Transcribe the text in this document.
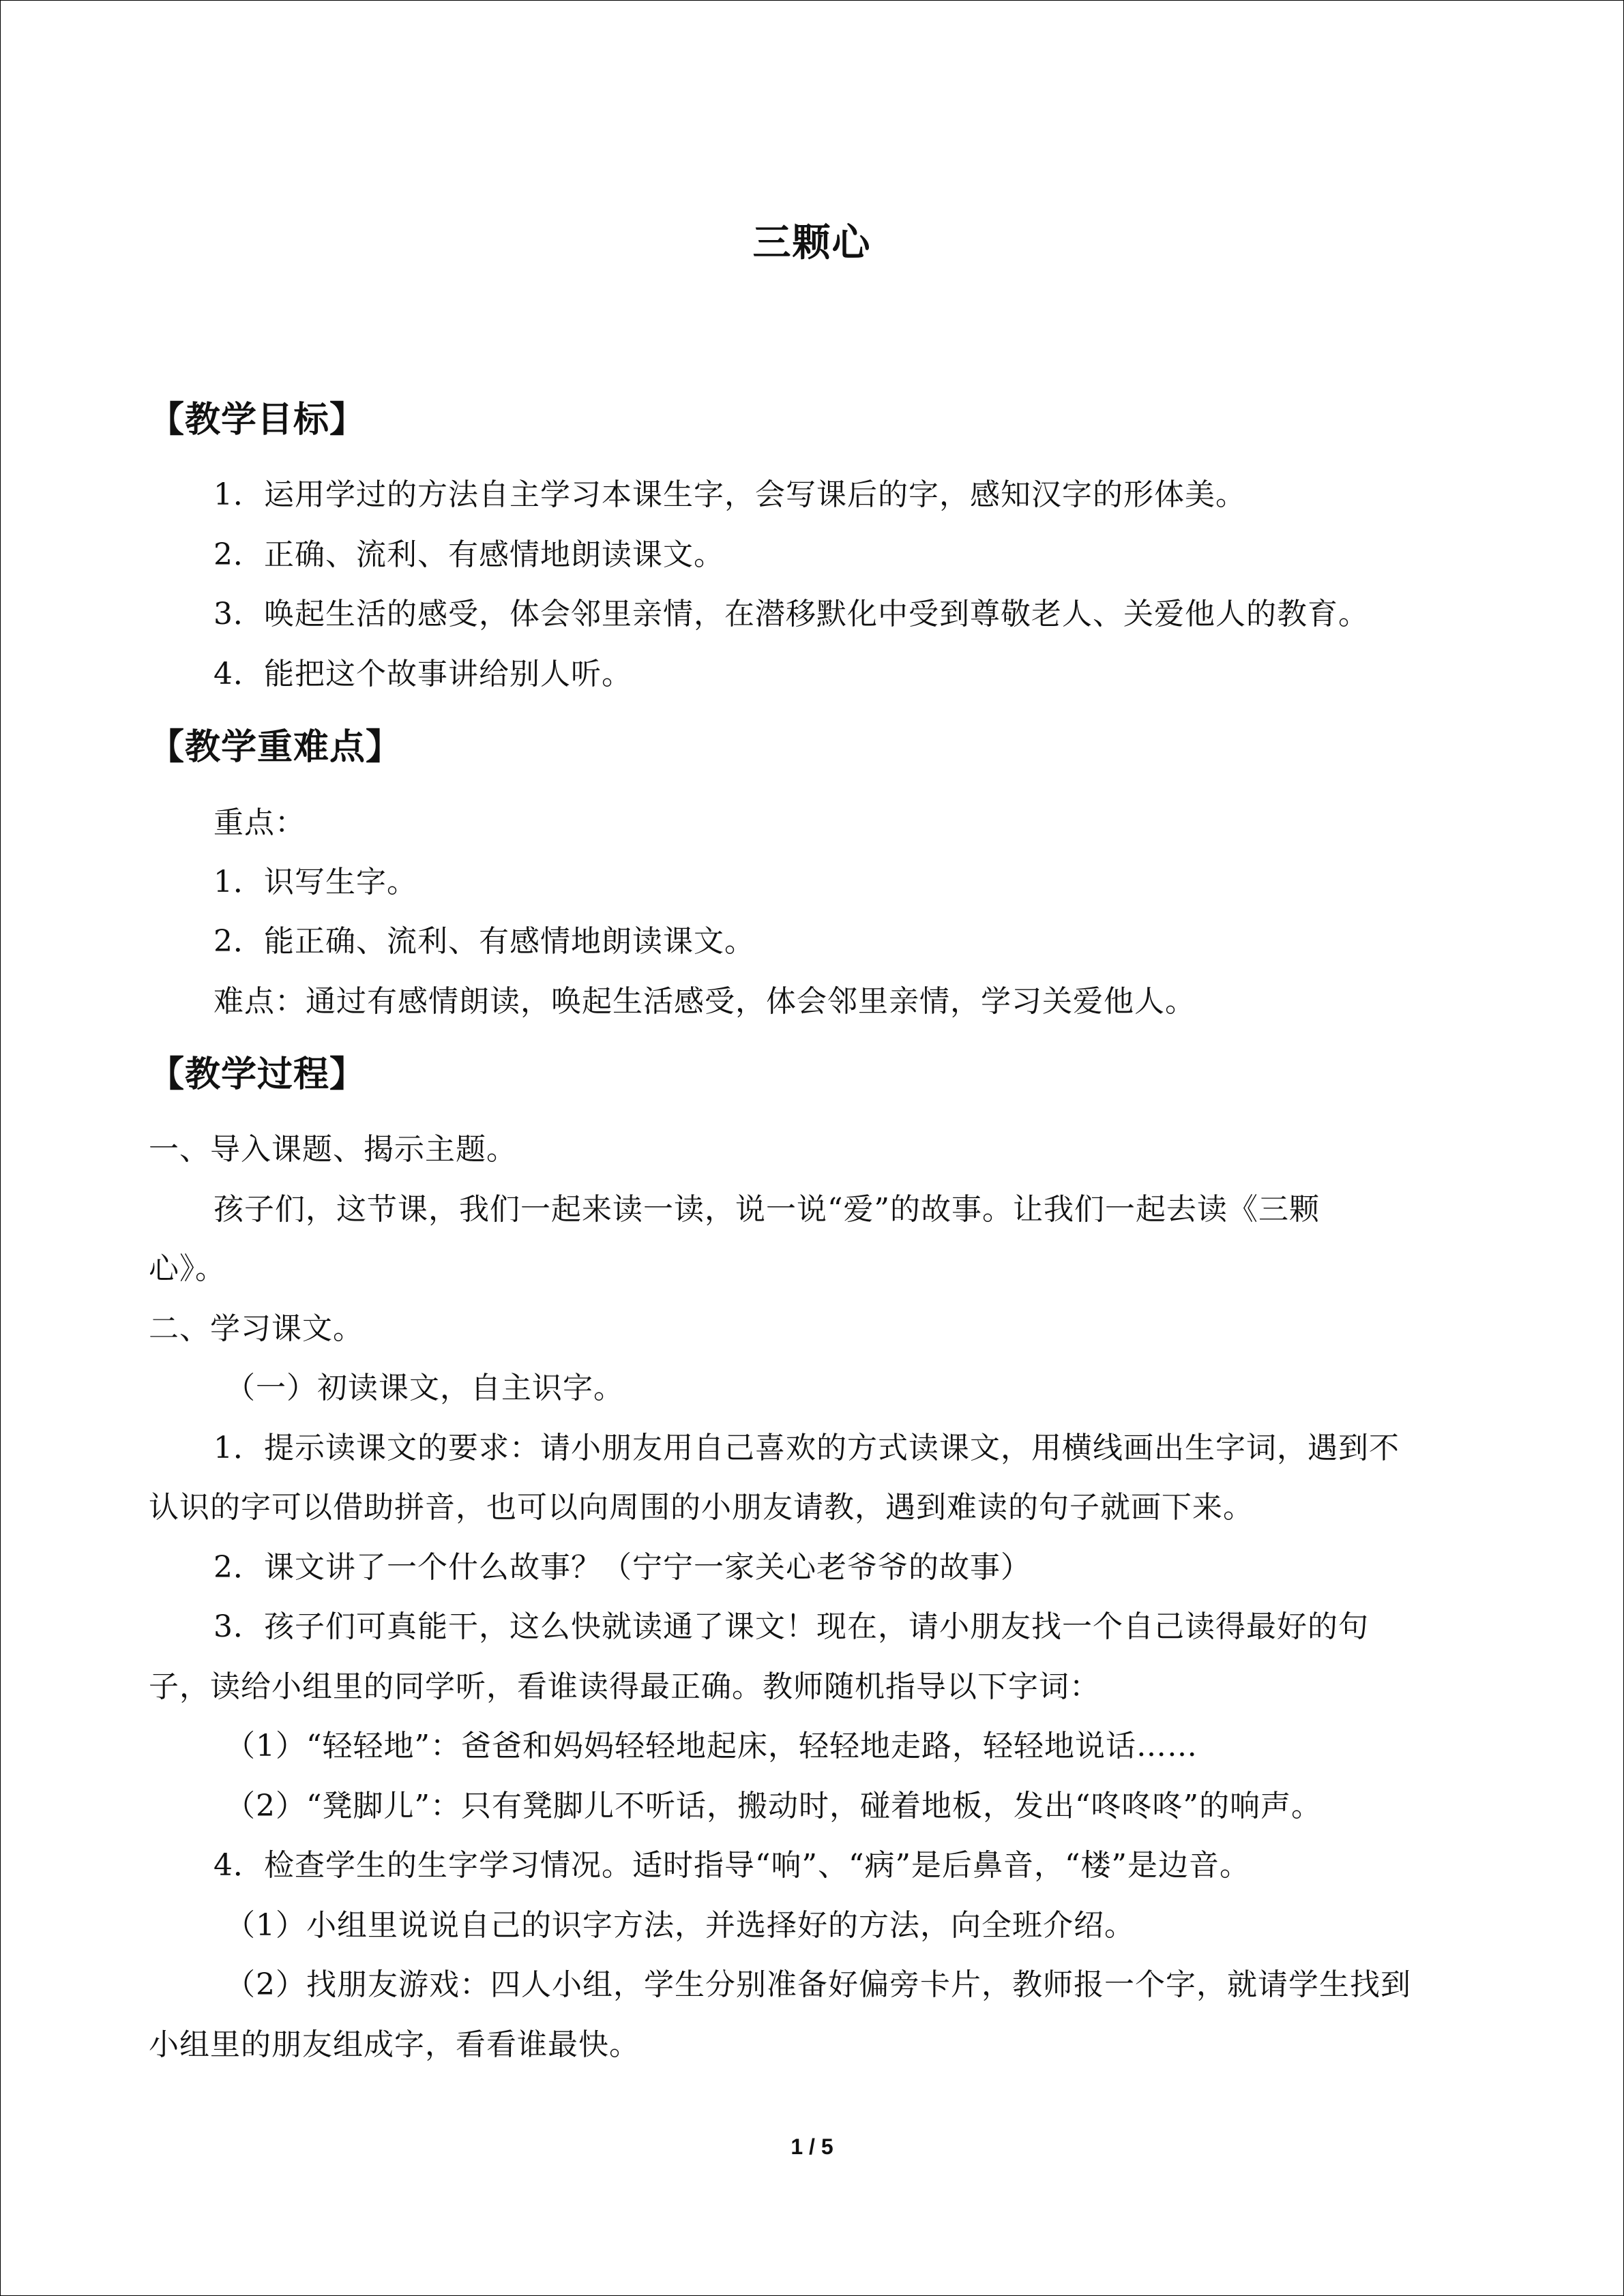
三颗心
【教学目标】
1．运用学过的方法自主学习本课生字，会写课后的字，感知汉字的形体美。
2．正确、流利、有感情地朗读课文。
3．唤起生活的感受，体会邻里亲情，在潜移默化中受到尊敬老人、关爱他人的教育。
4．能把这个故事讲给别人听。
【教学重难点】
重点：
1．识写生字。
2．能正确、流利、有感情地朗读课文。
难点：通过有感情朗读，唤起生活感受，体会邻里亲情，学习关爱他人。
【教学过程】
一、导入课题、揭示主题。
孩子们，这节课，我们一起来读一读，说一说“爱”的故事。让我们一起去读《三颗
心》。
二、学习课文。
（一）初读课文，自主识字。
1．提示读课文的要求：请小朋友用自己喜欢的方式读课文，用横线画出生字词，遇到不
认识的字可以借助拼音，也可以向周围的小朋友请教，遇到难读的句子就画下来。
2．课文讲了一个什么故事？（宁宁一家关心老爷爷的故事）
3．孩子们可真能干，这么快就读通了课文！现在，请小朋友找一个自己读得最好的句
子，读给小组里的同学听，看谁读得最正确。教师随机指导以下字词：
（1）“轻轻地”：爸爸和妈妈轻轻地起床，轻轻地走路，轻轻地说话……
（2）“凳脚儿”：只有凳脚儿不听话，搬动时，碰着地板，发出“咚咚咚”的响声。
4．检查学生的生字学习情况。适时指导“响”、“病”是后鼻音，“楼”是边音。
（1）小组里说说自己的识字方法，并选择好的方法，向全班介绍。
（2）找朋友游戏：四人小组，学生分别准备好偏旁卡片，教师报一个字，就请学生找到
小组里的朋友组成字，看看谁最快。
1 / 5
